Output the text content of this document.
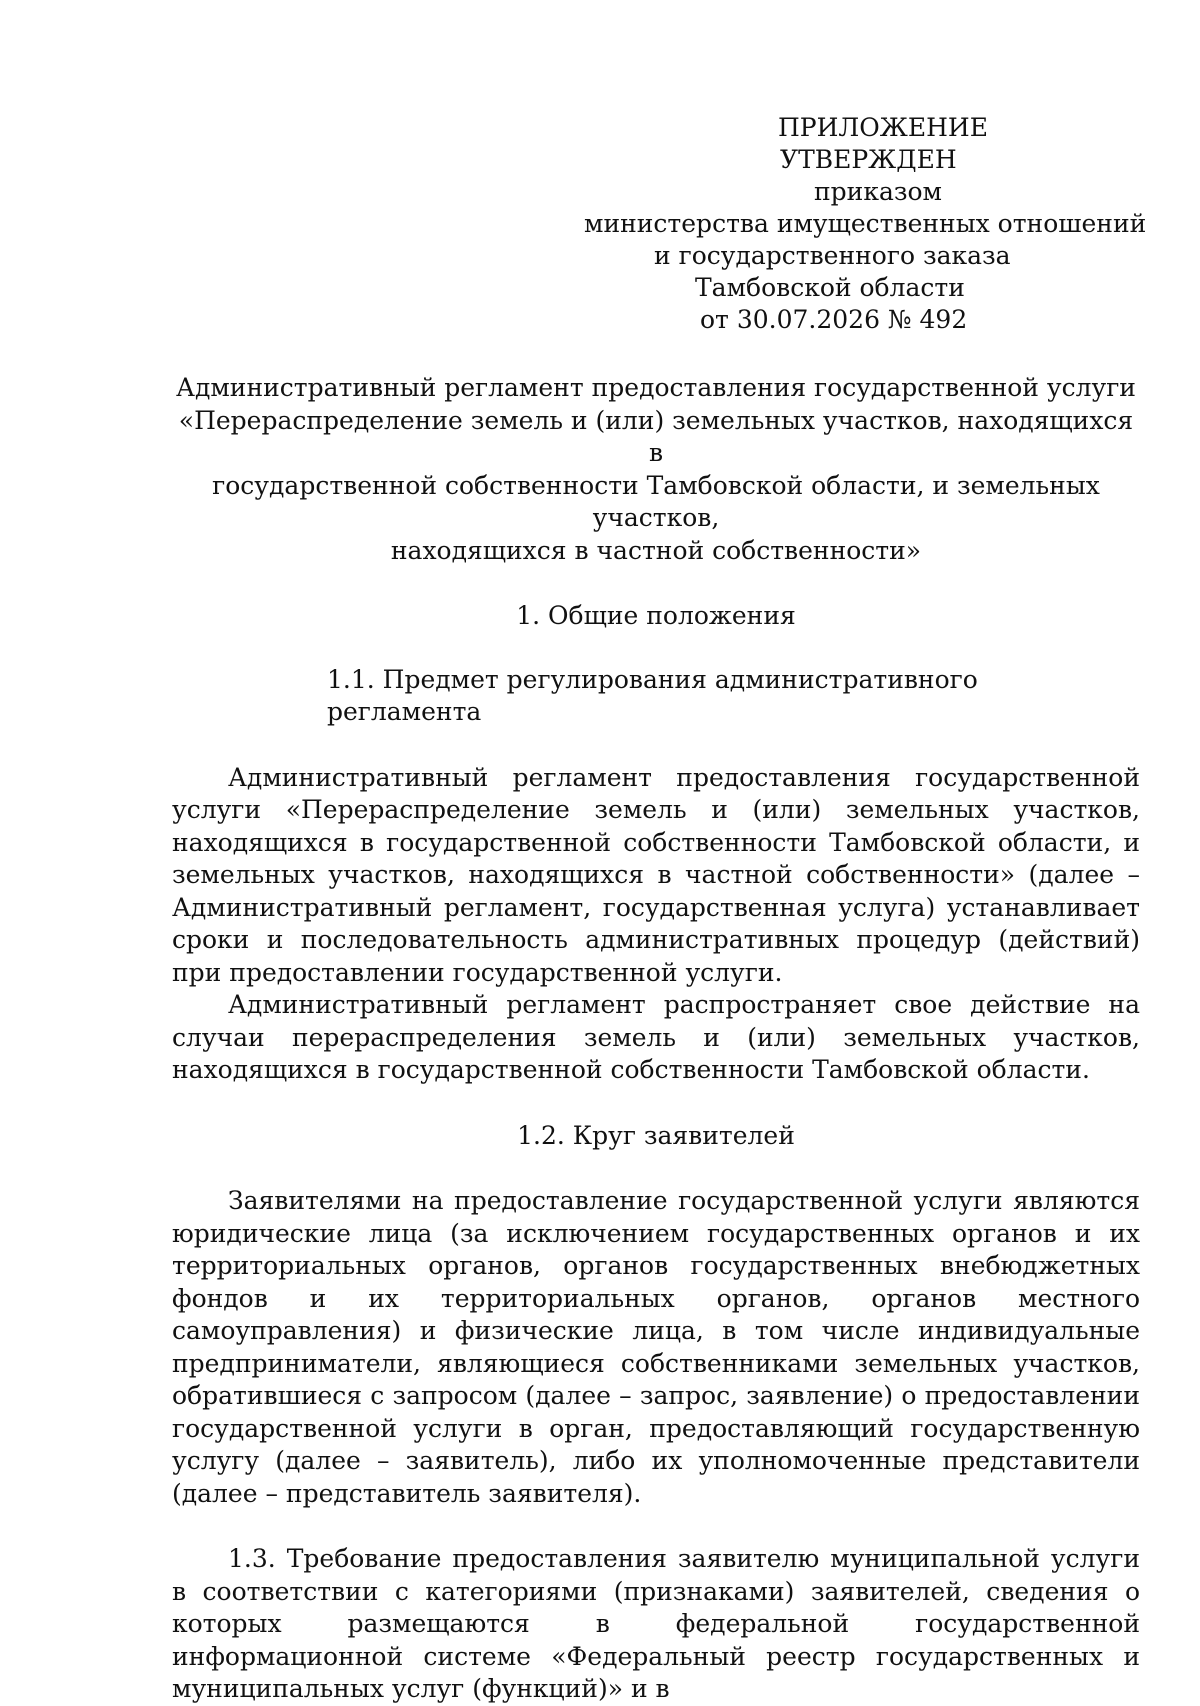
ПРИЛОЖЕНИЕ
УТВЕРЖДЕН
приказом
министерства имущественных отношений
и государственного заказа
Тамбовской области
от 30.07.2026 № 492

Административный регламент предоставления государственной услуги
«Перераспределение земель и (или) земельных участков, находящихся в
государственной собственности Тамбовской области, и земельных участков,
находящихся в частной собственности»

1. Общие положения

1.1. Предмет регулирования административного регламента

Административный регламент предоставления государственной услуги «Перераспределение земель и (или) земельных участков, находящихся в государственной собственности Тамбовской области, и земельных участков, находящихся в частной собственности» (далее – Административный регламент, государственная услуга) устанавливает сроки и последовательность административных процедур (действий) при предоставлении государственной услуги.

Административный регламент распространяет свое действие на случаи перераспределения земель и (или) земельных участков, находящихся в государственной собственности Тамбовской области.

1.2. Круг заявителей

Заявителями на предоставление государственной услуги являются юридические лица (за исключением государственных органов и их территориальных органов, органов государственных внебюджетных фондов и их территориальных органов, органов местного самоуправления) и физические лица, в том числе индивидуальные предприниматели, являющиеся собственниками земельных участков, обратившиеся с запросом (далее – запрос, заявление) о предоставлении государственной услуги в орган, предоставляющий государственную услугу (далее – заявитель), либо их уполномоченные представители (далее – представитель заявителя).

1.3. Требование предоставления заявителю муниципальной услуги в соответствии с категориями (признаками) заявителей, сведения о которых размещаются в федеральной государственной информационной системе «Федеральный реестр государственных и муниципальных услуг (функций)» и в
